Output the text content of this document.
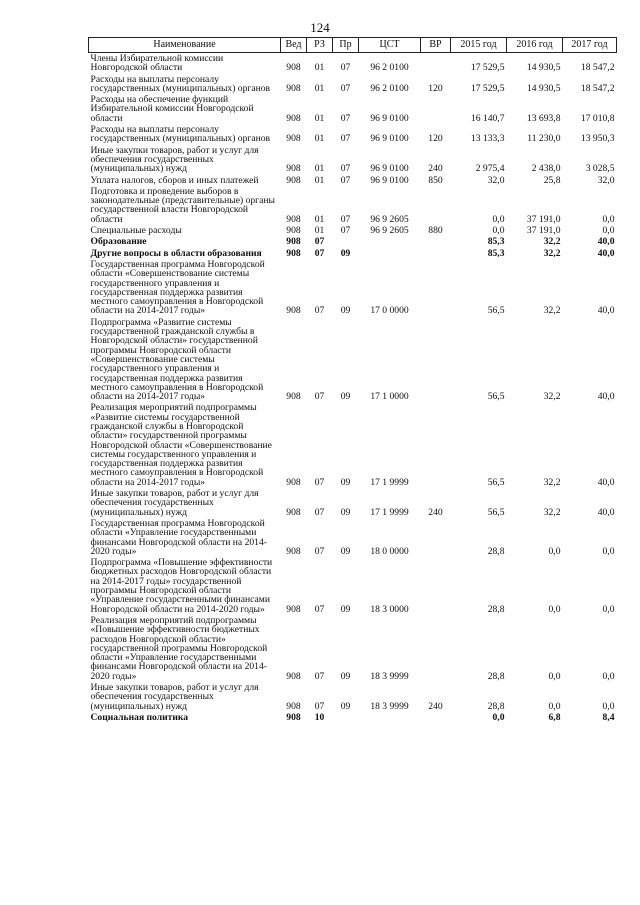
124
Наименование	Вед	РЗ	Пр	ЦСТ	ВР	2015 год	2016 год	2017 год
Члены Избирательной комиссии Новгородской области	908	01	07	96 2 0100		17 529,5	14 930,5	18 547,2
Расходы на выплаты персоналу государственных (муниципальных) органов	908	01	07	96 2 0100	120	17 529,5	14 930,5	18 547,2
Расходы на обеспечение функций Избирательной комиссии Новгородской области	908	01	07	96 9 0100		16 140,7	13 693,8	17 010,8
Расходы на выплаты персоналу государственных (муниципальных) органов	908	01	07	96 9 0100	120	13 133,3	11 230,0	13 950,3
Иные закупки товаров, работ и услуг для обеспечения государственных (муниципальных) нужд	908	01	07	96 9 0100	240	2 975,4	2 438,0	3 028,5
Уплата налогов, сборов и иных платежей	908	01	07	96 9 0100	850	32,0	25,8	32,0
Подготовка и проведение выборов в законодательные (представительные) органы государственной власти Новгородской области	908	01	07	96 9 2605		0,0	37 191,0	0,0
Специальные расходы	908	01	07	96 9 2605	880	0,0	37 191,0	0,0
Образование	908	07				85,3	32,2	40,0
Другие вопросы в области образования	908	07	09			85,3	32,2	40,0
Государственная программа Новгородской области «Совершенствование системы государственного управления и государственная поддержка развития местного самоуправления в Новгородской области на 2014-2017 годы»	908	07	09	17 0 0000		56,5	32,2	40,0
Подпрограмма «Развитие системы государственной гражданской службы в Новгородской области» государственной программы Новгородской области «Совершенствование системы государственного управления и государственная поддержка развития местного самоуправления в Новгородской области на 2014-2017 годы»	908	07	09	17 1 0000		56,5	32,2	40,0
Реализация мероприятий подпрограммы «Развитие системы государственной гражданской службы в Новгородской области» государственной программы Новгородской области «Совершенствование системы государственного управления и государственная поддержка развития местного самоуправления в Новгородской области на 2014-2017 годы»	908	07	09	17 1 9999		56,5	32,2	40,0
Иные закупки товаров, работ и услуг для обеспечения государственных (муниципальных) нужд	908	07	09	17 1 9999	240	56,5	32,2	40,0
Государственная программа Новгородской области «Управление государственными финансами Новгородской области на 2014-2020 годы»	908	07	09	18 0 0000		28,8	0,0	0,0
Подпрограмма «Повышение эффективности бюджетных расходов Новгородской области на 2014-2017 годы» государственной программы Новгородской области «Управление государственными финансами Новгородской области на 2014-2020 годы»	908	07	09	18 3 0000		28,8	0,0	0,0
Реализация мероприятий подпрограммы «Повышение эффективности бюджетных расходов Новгородской области» государственной программы Новгородской области «Управление государственными финансами Новгородской области на 2014-2020 годы»	908	07	09	18 3 9999		28,8	0,0	0,0
Иные закупки товаров, работ и услуг для обеспечения государственных (муниципальных) нужд	908	07	09	18 3 9999	240	28,8	0,0	0,0
Социальная политика	908	10				0,0	6,8	8,4
